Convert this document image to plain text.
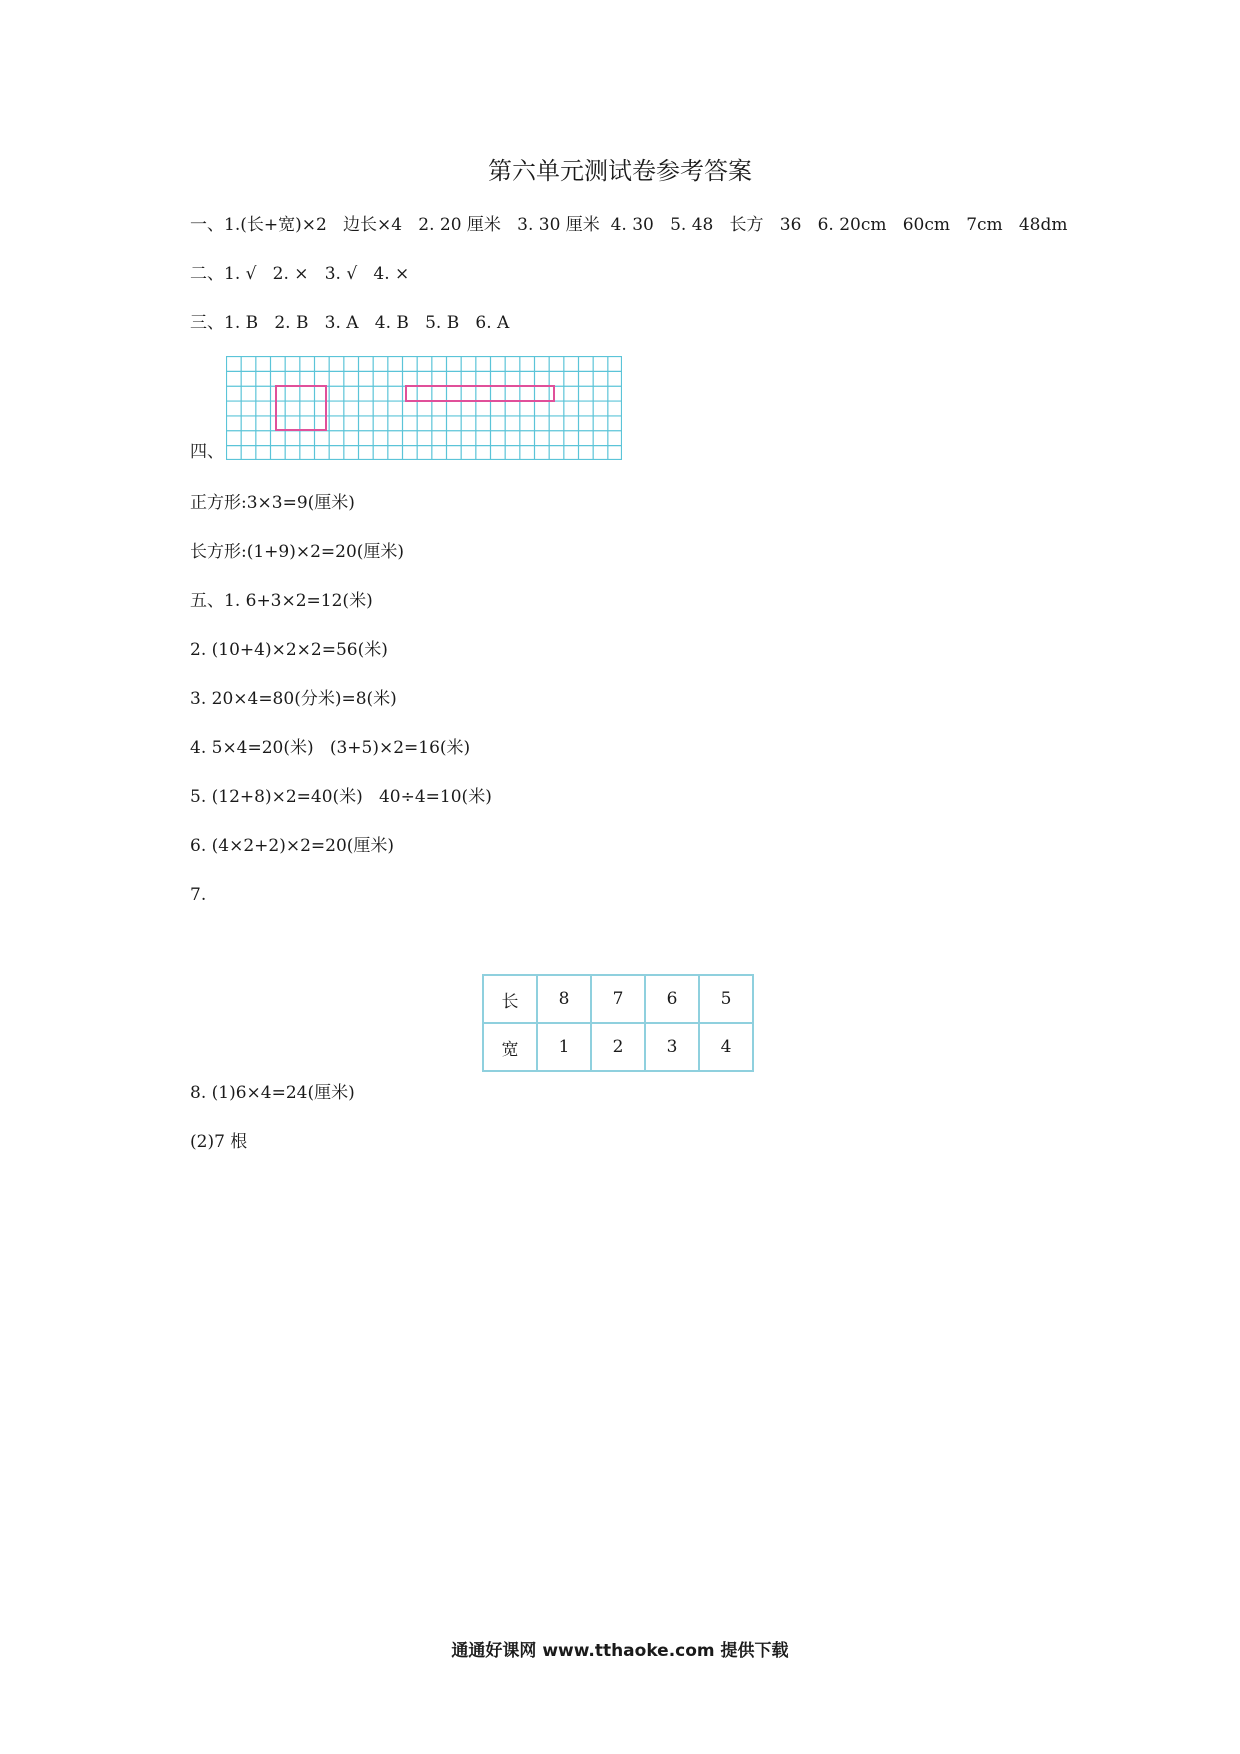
第六单元测试卷参考答案
一、1.(长+宽)×2   边长×4   2. 20 厘米   3. 30 厘米  4. 30   5. 48   长方   36   6. 20cm   60cm   7cm   48dm
二、1. √   2. ×   3. √   4. ×
三、1. B   2. B   3. A   4. B   5. B   6. A
四、
正方形:3×3=9(厘米)
长方形:(1+9)×2=20(厘米)
五、1. 6+3×2=12(米)
2. (10+4)×2×2=56(米)
3. 20×4=80(分米)=8(米)
4. 5×4=20(米)   (3+5)×2=16(米)
5. (12+8)×2=40(米)   40÷4=10(米)
6. (4×2+2)×2=20(厘米)
7.
长	8	7	6	5
宽	1	2	3	4
8. (1)6×4=24(厘米)
(2)7 根
通通好课网 www.tthaoke.com 提供下载
